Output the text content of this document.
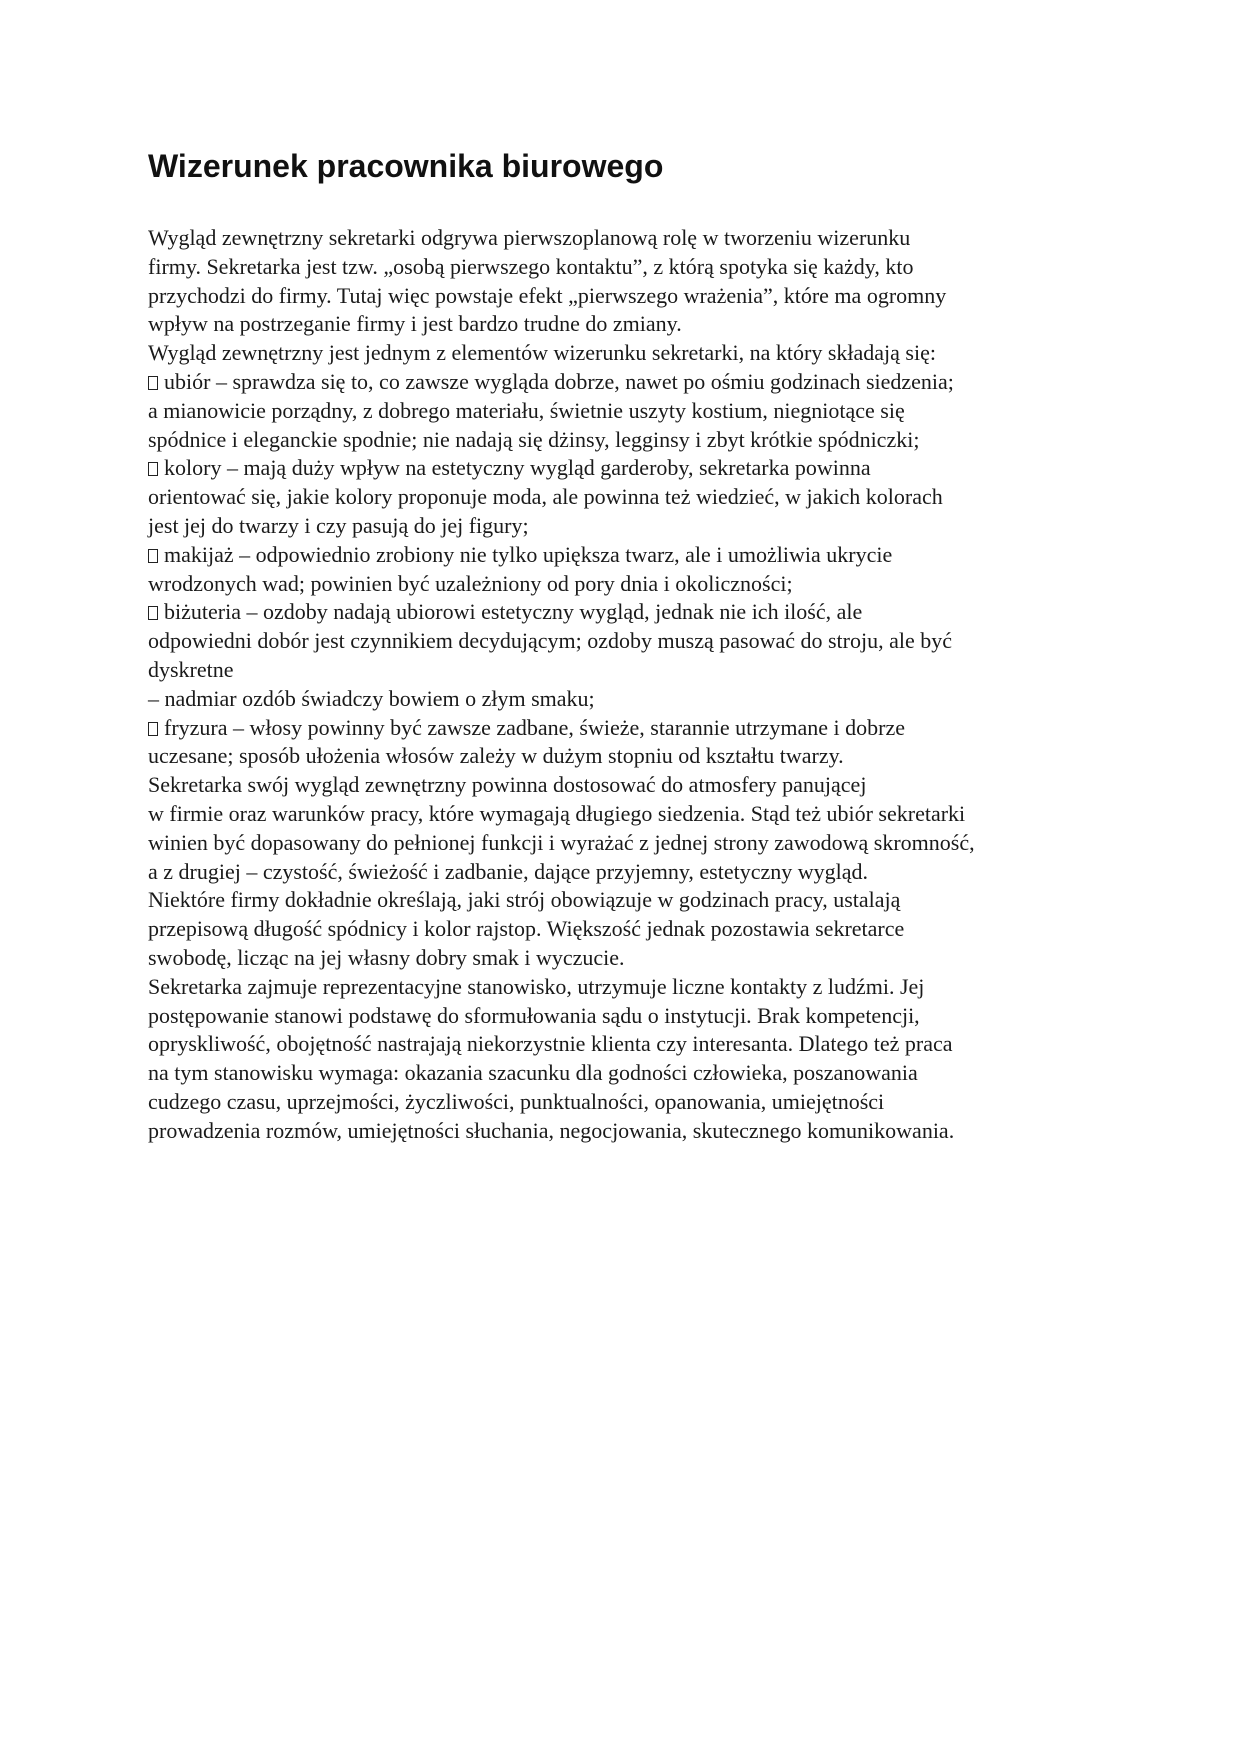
Wizerunek pracownika biurowego
Wygląd zewnętrzny sekretarki odgrywa pierwszoplanową rolę w tworzeniu wizerunku
firmy. Sekretarka jest tzw. „osobą pierwszego kontaktu”, z którą spotyka się każdy, kto
przychodzi do firmy. Tutaj więc powstaje efekt „pierwszego wrażenia”, które ma ogromny
wpływ na postrzeganie firmy i jest bardzo trudne do zmiany.
Wygląd zewnętrzny jest jednym z elementów wizerunku sekretarki, na który składają się:
ubiór – sprawdza się to, co zawsze wygląda dobrze, nawet po ośmiu godzinach siedzenia;
a mianowicie porządny, z dobrego materiału, świetnie uszyty kostium, niegniotące się
spódnice i eleganckie spodnie; nie nadają się dżinsy, legginsy i zbyt krótkie spódniczki;
kolory – mają duży wpływ na estetyczny wygląd garderoby, sekretarka powinna
orientować się, jakie kolory proponuje moda, ale powinna też wiedzieć, w jakich kolorach
jest jej do twarzy i czy pasują do jej figury;
makijaż – odpowiednio zrobiony nie tylko upiększa twarz, ale i umożliwia ukrycie
wrodzonych wad; powinien być uzależniony od pory dnia i okoliczności;
biżuteria – ozdoby nadają ubiorowi estetyczny wygląd, jednak nie ich ilość, ale
odpowiedni dobór jest czynnikiem decydującym; ozdoby muszą pasować do stroju, ale być
dyskretne
– nadmiar ozdób świadczy bowiem o złym smaku;
fryzura – włosy powinny być zawsze zadbane, świeże, starannie utrzymane i dobrze
uczesane; sposób ułożenia włosów zależy w dużym stopniu od kształtu twarzy.
Sekretarka swój wygląd zewnętrzny powinna dostosować do atmosfery panującej
w firmie oraz warunków pracy, które wymagają długiego siedzenia. Stąd też ubiór sekretarki
winien być dopasowany do pełnionej funkcji i wyrażać z jednej strony zawodową skromność,
a z drugiej – czystość, świeżość i zadbanie, dające przyjemny, estetyczny wygląd.
Niektóre firmy dokładnie określają, jaki strój obowiązuje w godzinach pracy, ustalają
przepisową długość spódnicy i kolor rajstop. Większość jednak pozostawia sekretarce
swobodę, licząc na jej własny dobry smak i wyczucie.
Sekretarka zajmuje reprezentacyjne stanowisko, utrzymuje liczne kontakty z ludźmi. Jej
postępowanie stanowi podstawę do sformułowania sądu o instytucji. Brak kompetencji,
opryskliwość, obojętność nastrajają niekorzystnie klienta czy interesanta. Dlatego też praca
na tym stanowisku wymaga: okazania szacunku dla godności człowieka, poszanowania
cudzego czasu, uprzejmości, życzliwości, punktualności, opanowania, umiejętności
prowadzenia rozmów, umiejętności słuchania, negocjowania, skutecznego komunikowania.
